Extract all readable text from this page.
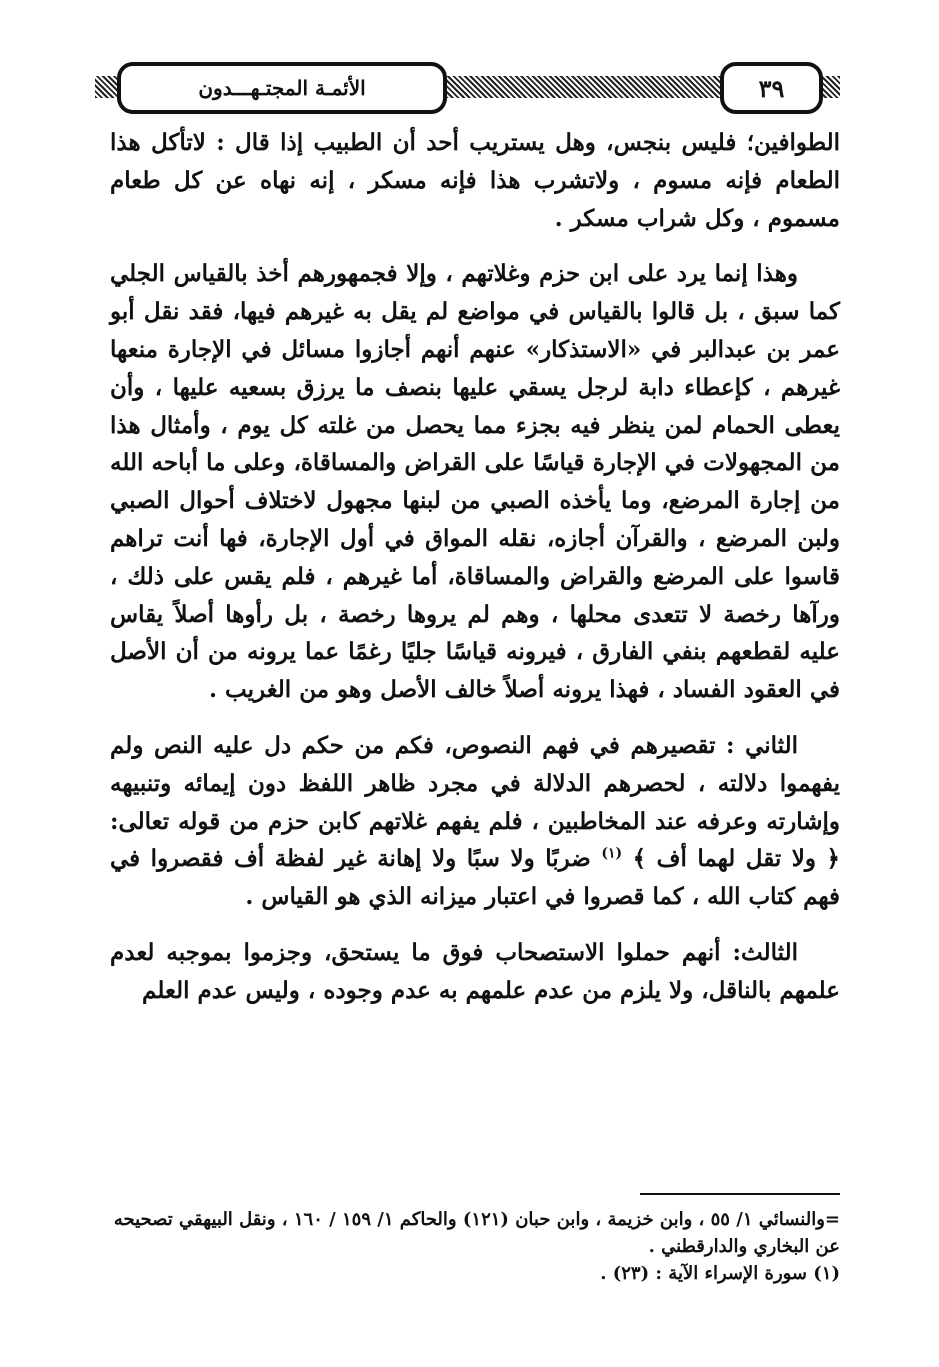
٣٩
الأئمـة المجتـهـــدون

الطوافين؛ فليس بنجس، وهل يستريب أحد أن الطبيب إذا قال : لاتأكل هذا الطعام فإنه مسوم ، ولاتشرب هذا فإنه مسكر ، إنه نهاه عن كل طعام مسموم ، وكل شراب مسكر .

وهذا إنما يرد على ابن حزم وغلاتهم ، وإلا فجمهورهم أخذ بالقياس الجلي كما سبق ، بل قالوا بالقياس في مواضع لم يقل به غيرهم فيها، فقد نقل أبو عمر بن عبدالبر في «الاستذكار» عنهم أنهم أجازوا مسائل في الإجارة منعها غيرهم ، كإعطاء دابة لرجل يسقي عليها بنصف ما يرزق بسعيه عليها ، وأن يعطى الحمام لمن ينظر فيه بجزء مما يحصل من غلته كل يوم ، وأمثال هذا من المجهولات في الإجارة قياسًا على القراض والمساقاة، وعلى ما أباحه الله من إجارة المرضع، وما يأخذه الصبي من لبنها مجهول لاختلاف أحوال الصبي ولبن المرضع ، والقرآن أجازه، نقله المواق في أول الإجارة، فها أنت تراهم قاسوا على المرضع والقراض والمساقاة، أما غيرهم ، فلم يقس على ذلك ، ورآها رخصة لا تتعدى محلها ، وهم لم يروها رخصة ، بل رأوها أصلاً يقاس عليه لقطعهم بنفي الفارق ، فيرونه قياسًا جليًا رغمًا عما يرونه من أن الأصل في العقود الفساد ، فهذا يرونه أصلاً خالف الأصل وهو من الغريب .

الثاني : تقصيرهم في فهم النصوص، فكم من حكم دل عليه النص ولم يفهموا دلالته ، لحصرهم الدلالة في مجرد ظاهر اللفظ دون إيمائه وتنبيهه وإشارته وعرفه عند المخاطبين ، فلم يفهم غلاتهم كابن حزم من قوله تعالى: ﴿ ولا تقل لهما أف ﴾ $^{(١)}$ ضربًا ولا سبًا ولا إهانة غير لفظة أف فقصروا في فهم كتاب الله ، كما قصروا في اعتبار ميزانه الذي هو القياس .

الثالث: أنهم حملوا الاستصحاب فوق ما يستحق، وجزموا بموجبه لعدم علمهم بالناقل، ولا يلزم من عدم علمهم به عدم وجوده ، وليس عدم العلم

=والنسائي ١/ ٥٥ ، وابن خزيمة ، وابن حبان (١٢١) والحاكم ١/ ١٥٩ / ١٦٠ ، ونقل البيهقي تصحيحه عن البخاري والدارقطني .
(١) سورة الإسراء الآية : (٢٣) .
